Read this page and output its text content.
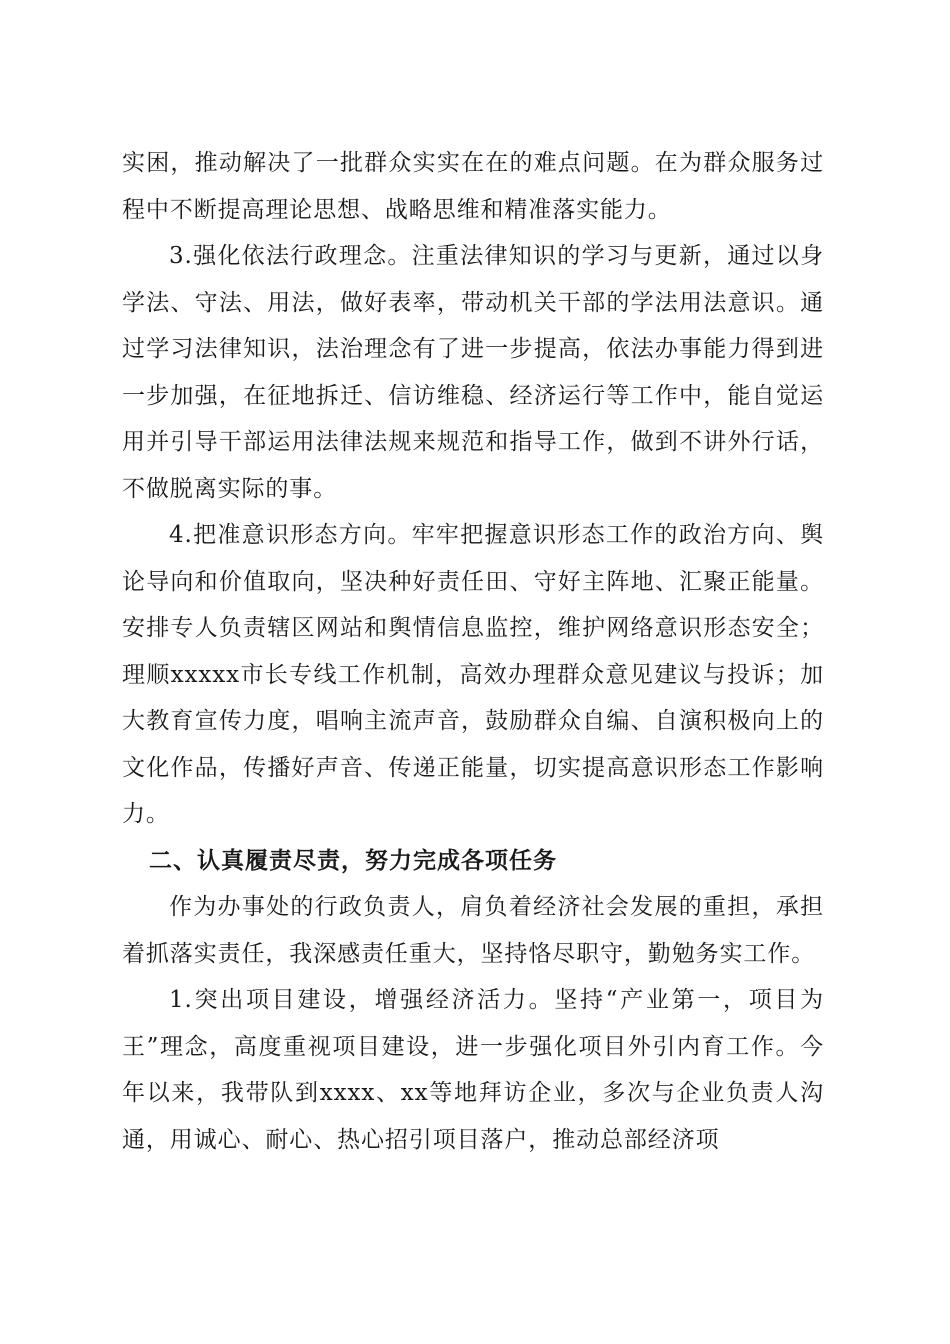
实困，推动解决了一批群众实实在在的难点问题。在为群众服务过程中不断提高理论思想、战略思维和精准落实能力。

3.强化依法行政理念。注重法律知识的学习与更新，通过以身学法、守法、用法，做好表率，带动机关干部的学法用法意识。通过学习法律知识，法治理念有了进一步提高，依法办事能力得到进一步加强，在征地拆迁、信访维稳、经济运行等工作中，能自觉运用并引导干部运用法律法规来规范和指导工作，做到不讲外行话，不做脱离实际的事。

4.把准意识形态方向。牢牢把握意识形态工作的政治方向、舆论导向和价值取向，坚决种好责任田、守好主阵地、汇聚正能量。安排专人负责辖区网站和舆情信息监控，维护网络意识形态安全；理顺xxxxx市长专线工作机制，高效办理群众意见建议与投诉；加大教育宣传力度，唱响主流声音，鼓励群众自编、自演积极向上的文化作品，传播好声音、传递正能量，切实提高意识形态工作影响力。

二、认真履责尽责，努力完成各项任务

作为办事处的行政负责人，肩负着经济社会发展的重担，承担着抓落实责任，我深感责任重大，坚持恪尽职守，勤勉务实工作。

1.突出项目建设，增强经济活力。坚持“产业第一，项目为王”理念，高度重视项目建设，进一步强化项目外引内育工作。今年以来，我带队到xxxx、xx等地拜访企业，多次与企业负责人沟通，用诚心、耐心、热心招引项目落户，推动总部经济项
